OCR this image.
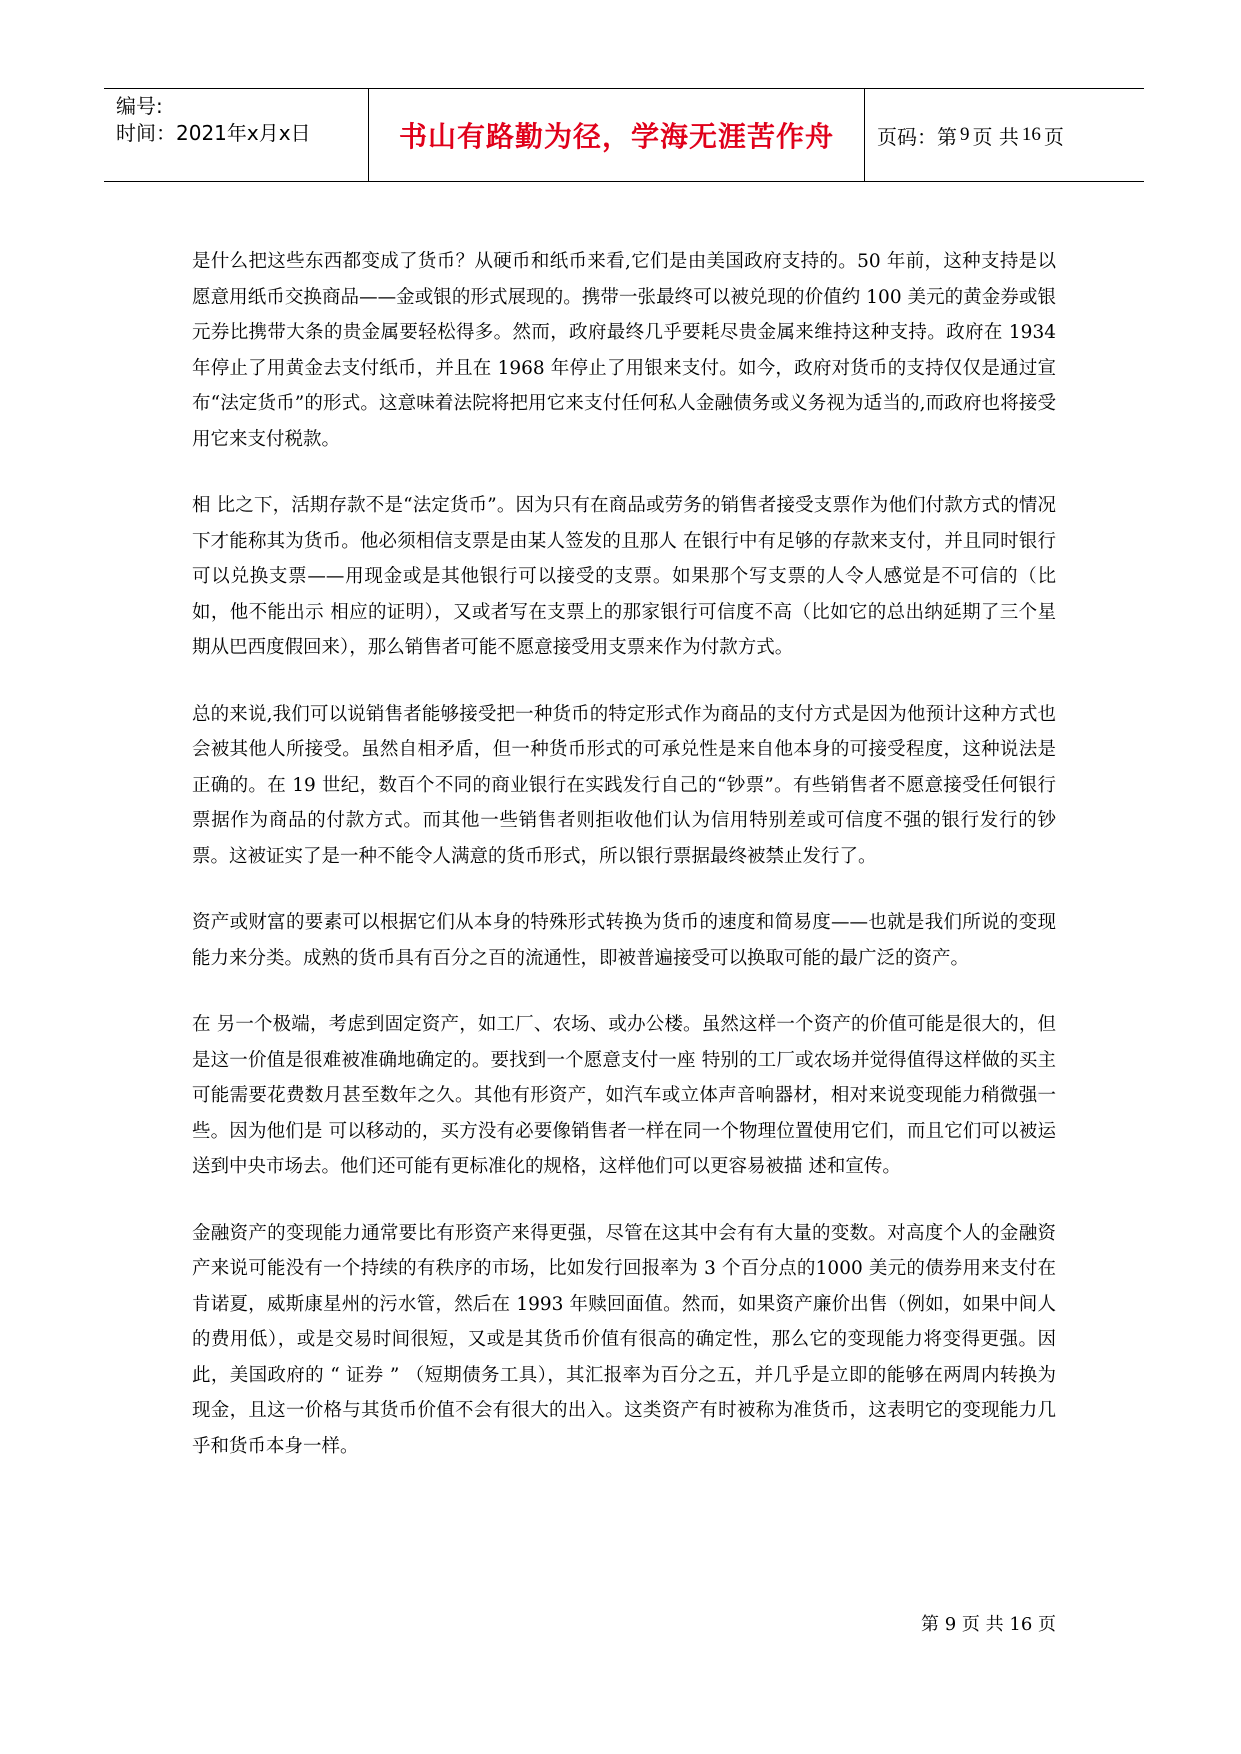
编号:
时间：2021年x月x日	书山有路勤为径，学海无涯苦作舟 页码：第 9 页 共 16 页

是什么把这些东西都变成了货币？从硬币和纸币来看,它们是由美国政府支持的。50 年前，这种支持是以愿意用纸币交换商品——金或银的形式展现的。携带一张最终可以被兑现的价值约 100 美元的黄金券或银元券比携带大条的贵金属要轻松得多。然而，政府最终几乎要耗尽贵金属来维持这种支持。政府在 1934 年停止了用黄金去支付纸币，并且在 1968 年停止了用银来支付。如今，政府对货币的支持仅仅是通过宣布“法定货币”的形式。这意味着法院将把用它来支付任何私人金融债务或义务视为适当的,而政府也将接受用它来支付税款。

相 比之下，活期存款不是“法定货币”。因为只有在商品或劳务的销售者接受支票作为他们付款方式的情况下才能称其为货币。他必须相信支票是由某人签发的且那人 在银行中有足够的存款来支付，并且同时银行可以兑换支票——用现金或是其他银行可以接受的支票。如果那个写支票的人令人感觉是不可信的（比如，他不能出示 相应的证明），又或者写在支票上的那家银行可信度不高（比如它的总出纳延期了三个星期从巴西度假回来），那么销售者可能不愿意接受用支票来作为付款方式。

总的来说,我们可以说销售者能够接受把一种货币的特定形式作为商品的支付方式是因为他预计这种方式也会被其他人所接受。虽然自相矛盾，但一种货币形式的可承兑性是来自他本身的可接受程度，这种说法是正确的。在 19 世纪，数百个不同的商业银行在实践发行自己的“钞票”。有些销售者不愿意接受任何银行票据作为商品的付款方式。而其他一些销售者则拒收他们认为信用特别差或可信度不强的银行发行的钞票。这被证实了是一种不能令人满意的货币形式，所以银行票据最终被禁止发行了。

资产或财富的要素可以根据它们从本身的特殊形式转换为货币的速度和简易度——也就是我们所说的变现能力来分类。成熟的货币具有百分之百的流通性，即被普遍接受可以换取可能的最广泛的资产。

在 另一个极端，考虑到固定资产，如工厂、农场、或办公楼。虽然这样一个资产的价值可能是很大的，但是这一价值是很难被准确地确定的。要找到一个愿意支付一座 特别的工厂或农场并觉得值得这样做的买主可能需要花费数月甚至数年之久。其他有形资产，如汽车或立体声音响器材，相对来说变现能力稍微强一些。因为他们是 可以移动的，买方没有必要像销售者一样在同一个物理位置使用它们，而且它们可以被运送到中央市场去。他们还可能有更标准化的规格，这样他们可以更容易被描 述和宣传。

金融资产的变现能力通常要比有形资产来得更强，尽管在这其中会有有大量的变数。对高度个人的金融资产来说可能没有一个持续的有秩序的市场，比如发行回报率为 3 个百分点的1000 美元的债券用来支付在肯诺夏，威斯康星州的污水管，然后在 1993 年赎回面值。然而，如果资产廉价出售（例如，如果中间人的费用低），或是交易时间很短，又或是其货币价值有很高的确定性，那么它的变现能力将变得更强。因此，美国政府的 “ 证券 ” （短期债务工具），其汇报率为百分之五，并几乎是立即的能够在两周内转换为现金，且这一价格与其货币价值不会有很大的出入。这类资产有时被称为准货币，这表明它的变现能力几乎和货币本身一样。

第 9 页 共 16 页
